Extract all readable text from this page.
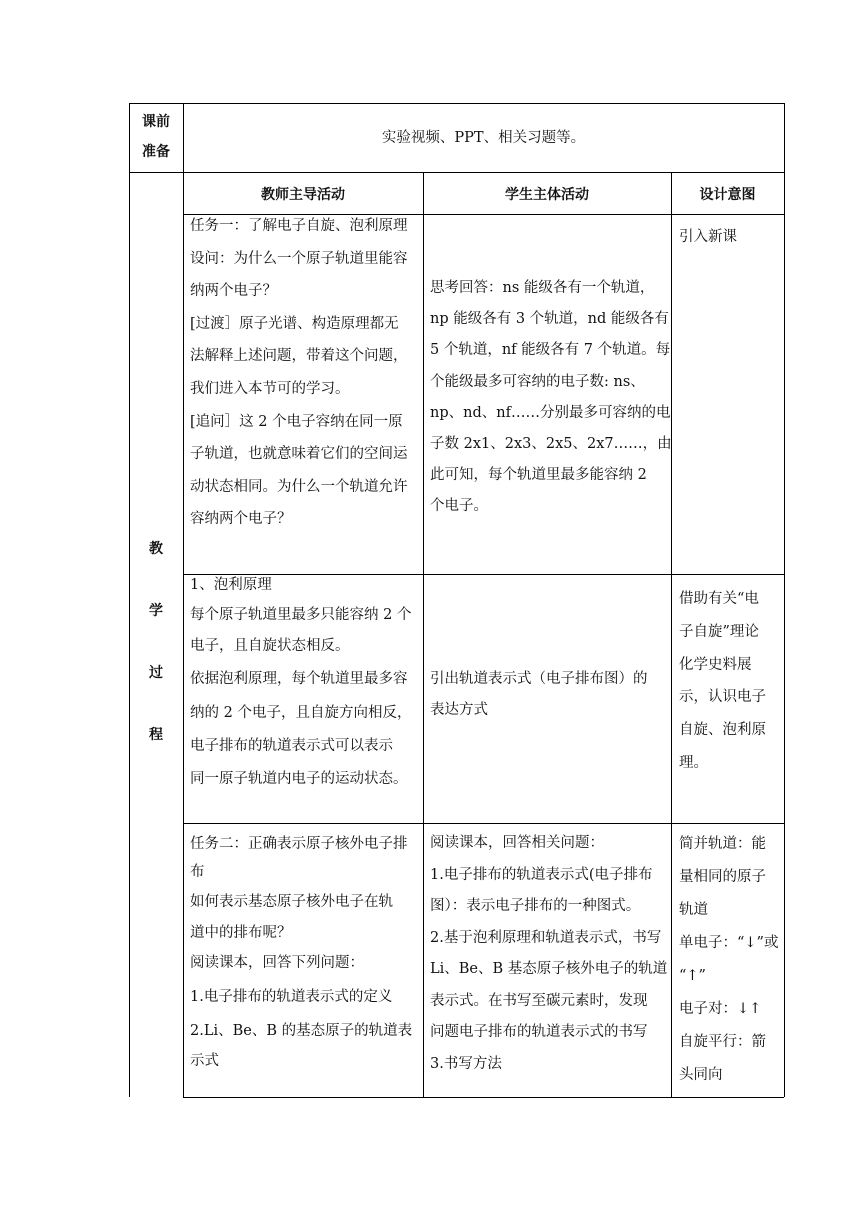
课前
准备
实验视频、PPT、相关习题等。
教
学
过
程
教师主导活动	学生主体活动	设计意图
任务一：了解电子自旋、泡利原理
设问：为什么一个原子轨道里能容
纳两个电子？
[过渡］原子光谱、构造原理都无
法解释上述问题，带着这个问题，
我们进入本节可的学习。
[追问］这 2 个电子容纳在同一原
子轨道，也就意味着它们的空间运
动状态相同。为什么一个轨道允许
容纳两个电子？
思考回答：ns 能级各有一个轨道，
np 能级各有 3 个轨道，nd 能级各有
5 个轨道，nf 能级各有 7 个轨道。每
个能级最多可容纳的电子数: ns、
np、nd、nf……分别最多可容纳的电
子数 2x1、2x3、2x5、2x7……，由
此可知，每个轨道里最多能容纳 2
个电子。
引入新课
1、泡利原理
每个原子轨道里最多只能容纳 2 个
电子，且自旋状态相反。
依据泡利原理，每个轨道里最多容
纳的 2 个电子，且自旋方向相反，
电子排布的轨道表示式可以表示
同一原子轨道内电子的运动状态。
引出轨道表示式（电子排布图）的
表达方式
借助有关“电
子自旋”理论
化学史料展
示，认识电子
自旋、泡利原
理。
任务二：正确表示原子核外电子排
布
如何表示基态原子核外电子在轨
道中的排布呢？
阅读课本，回答下列问题：
1.电子排布的轨道表示式的定义
2.Li、Be、B 的基态原子的轨道表
示式
阅读课本，回答相关问题：
1.电子排布的轨道表示式(电子排布
图）：表示电子排布的一种图式。
2.基于泡利原理和轨道表示式，书写
Li、Be、B 基态原子核外电子的轨道
表示式。在书写至碳元素时，发现
问题电子排布的轨道表示式的书写
3.书写方法
简并轨道：能
量相同的原子
轨道
单电子：“↓”或
“↑”
电子对：↓↑
自旋平行：箭
头同向
